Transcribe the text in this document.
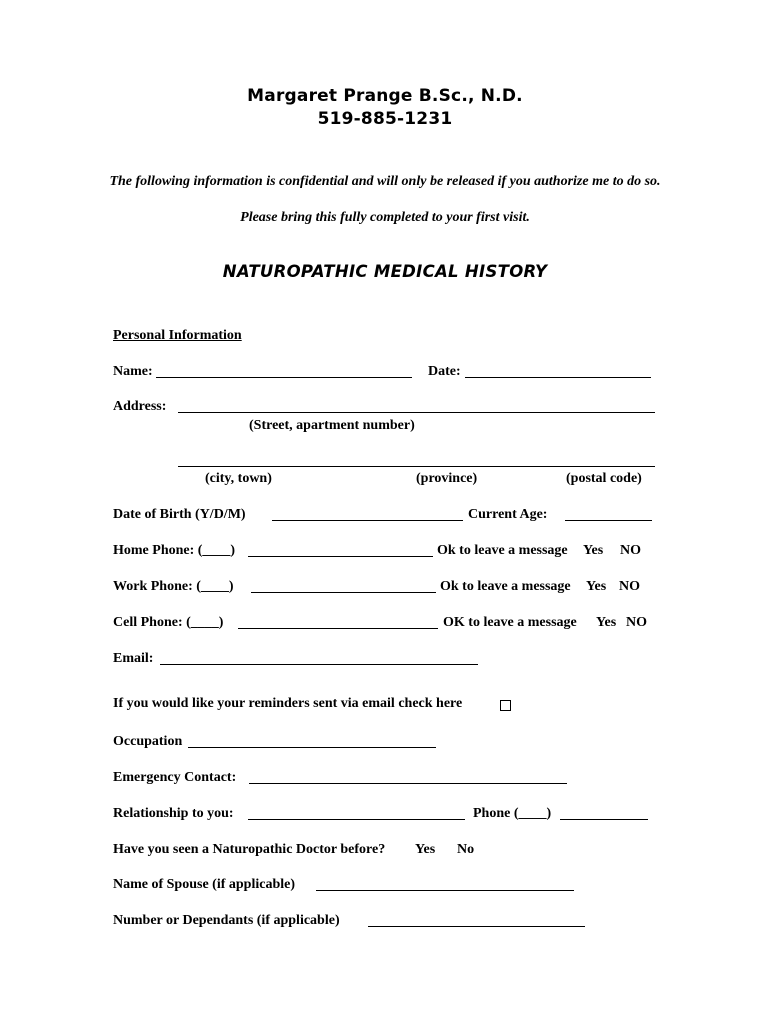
Margaret Prange B.Sc., N.D.
519-885-1231
The following information is confidential and will only be released if you authorize me to do so.
Please bring this fully completed to your first visit.
NATUROPATHIC MEDICAL HISTORY
Personal Information
Name:	Date:
Address:
(Street, apartment number)
(city, town)	(province)	(postal code)
Date of Birth (Y/D/M)	Current Age:
Home Phone: (____)	Ok to leave a message Yes NO
Work Phone: (____)	Ok to leave a message Yes NO
Cell Phone: (____)	OK to leave a message Yes NO
Email:
If you would like your reminders sent via email check here
Occupation
Emergency Contact:
Relationship to you:	Phone (____)
Have you seen a Naturopathic Doctor before? Yes No
Name of Spouse (if applicable)
Number or Dependants (if applicable)
